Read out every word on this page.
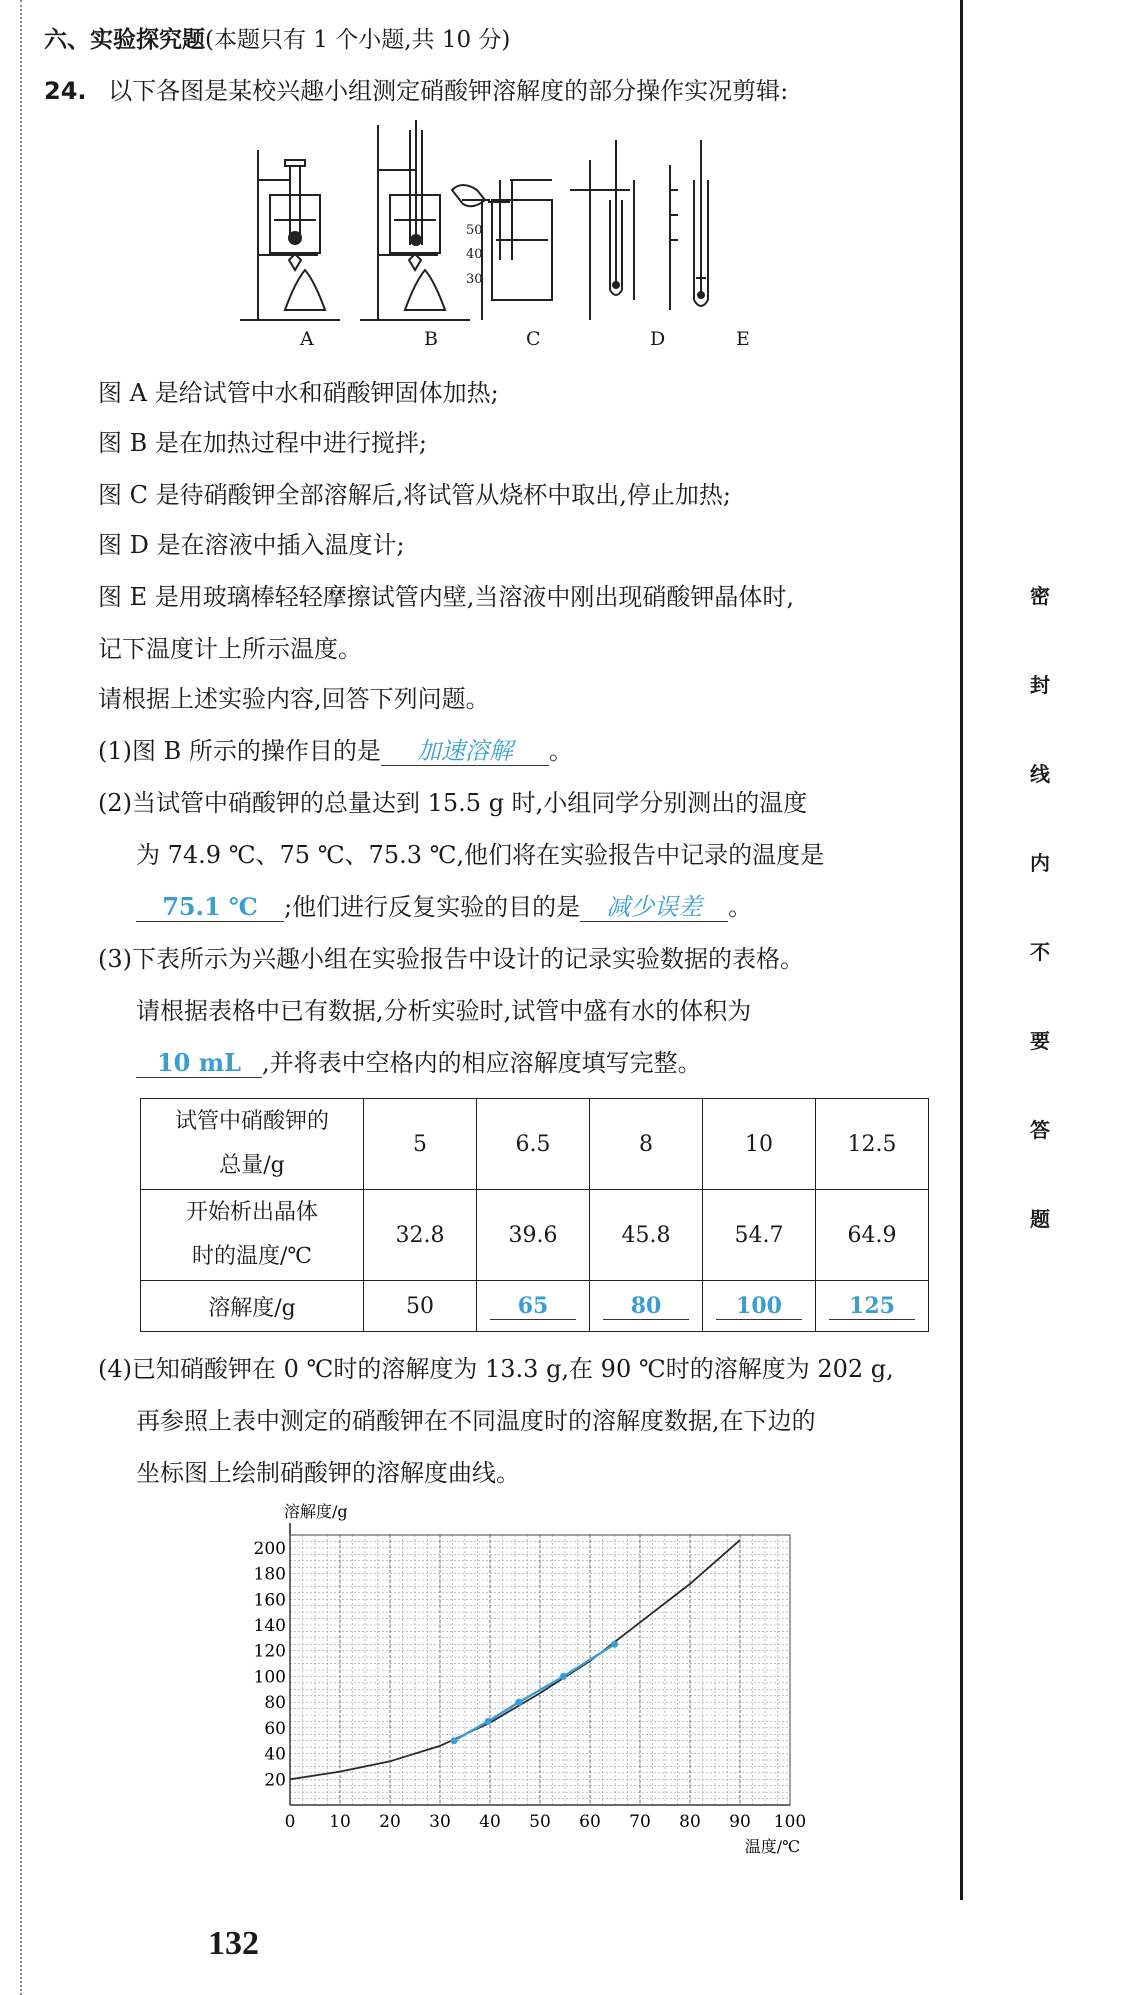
密
封
线
内
不
要
答
题
六、实验探究题(本题只有 1 个小题,共 10 分)
24. 以下各图是某校兴趣小组测定硝酸钾溶解度的部分操作实况剪辑:
50
40
30
A	B	C	D	E
图 A 是给试管中水和硝酸钾固体加热;
图 B 是在加热过程中进行搅拌;
图 C 是待硝酸钾全部溶解后,将试管从烧杯中取出,停止加热;
图 D 是在溶液中插入温度计;
图 E 是用玻璃棒轻轻摩擦试管内壁,当溶液中刚出现硝酸钾晶体时,
记下温度计上所示温度。
请根据上述实验内容,回答下列问题。
(1)图 B 所示的操作目的是 加速溶解 。
(2)当试管中硝酸钾的总量达到 15.5 g 时,小组同学分别测出的温度
为 74.9 ℃、75 ℃、75.3 ℃,他们将在实验报告中记录的温度是
75.1 ℃ ;他们进行反复实验的目的是 减少误差 。
(3)下表所示为兴趣小组在实验报告中设计的记录实验数据的表格。
请根据表格中已有数据,分析实验时,试管中盛有水的体积为
10 mL ,并将表中空格内的相应溶解度填写完整。
试管中硝酸钾的
总量/g	5	6.5	8	10	12.5
开始析出晶体
时的温度/℃	32.8	39.6	45.8	54.7	64.9
溶解度/g	50	65	80	100	125
(4)已知硝酸钾在 0 ℃时的溶解度为 13.3 g,在 90 ℃时的溶解度为 202 g,
再参照上表中测定的硝酸钾在不同温度时的溶解度数据,在下边的
坐标图上绘制硝酸钾的溶解度曲线。
0 10 20 30 40 50 60 70 80 90 100
20
40
60
80
100
120
140
160
180
200
溶解度/g
温度/℃
132
